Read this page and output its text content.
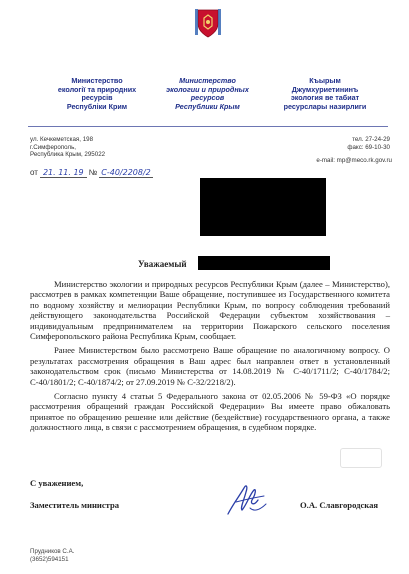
Министерство
екології та природних
ресурсів
Республіки Крим
Министерство
экологии и природных
ресурсов
Республики Крым
Къырым
Джумхуриетининъ
экология ве табиат
ресурслары назирлиги
ул. Кечкеметская, 198
г.Симферополь,
Республика Крым, 295022
тел. 27-24-29
факс: 69-10-30
e-mail: mp@meco.rk.gov.ru
от 21. 11. 19 № С-40/2208/2
Уважаемый

Министерство экологии и природных ресурсов Республики Крым (далее – Министерство), рассмотрев в рамках компетенции Ваше обращение, поступившее из Государственного комитета по водному хозяйству и мелиорации Республики Крым, по вопросу соблюдения требований действующего законодательства Российской Федерации субъектом хозяйствования – индивидуальным предпринимателем на территории Пожарского сельского поселения Симферопольского района Республика Крым, сообщает.

Ранее Министерством было рассмотрено Ваше обращение по аналогичному вопросу. О результатах рассмотрения обращения в Ваш адрес был направлен ответ в установленный законодательством срок (письмо Министерства от 14.08.2019 № С-40/1711/2; С-40/1784/2; С-40/1801/2; С-40/1874/2; от 27.09.2019 № С-32/2218/2).

Согласно пункту 4 статьи 5 Федерального закона от 02.05.2006 № 59-ФЗ «О порядке рассмотрения обращений граждан Российской Федерации» Вы имеете право обжаловать принятое по обращению решение или действие (бездействие) государственного органа, а также должностного лица, в связи с рассмотрением обращения, в судебном порядке.

С уважением,
Заместитель министра	О.А. Славгородская
Прудников С.А.
(3652)594151
